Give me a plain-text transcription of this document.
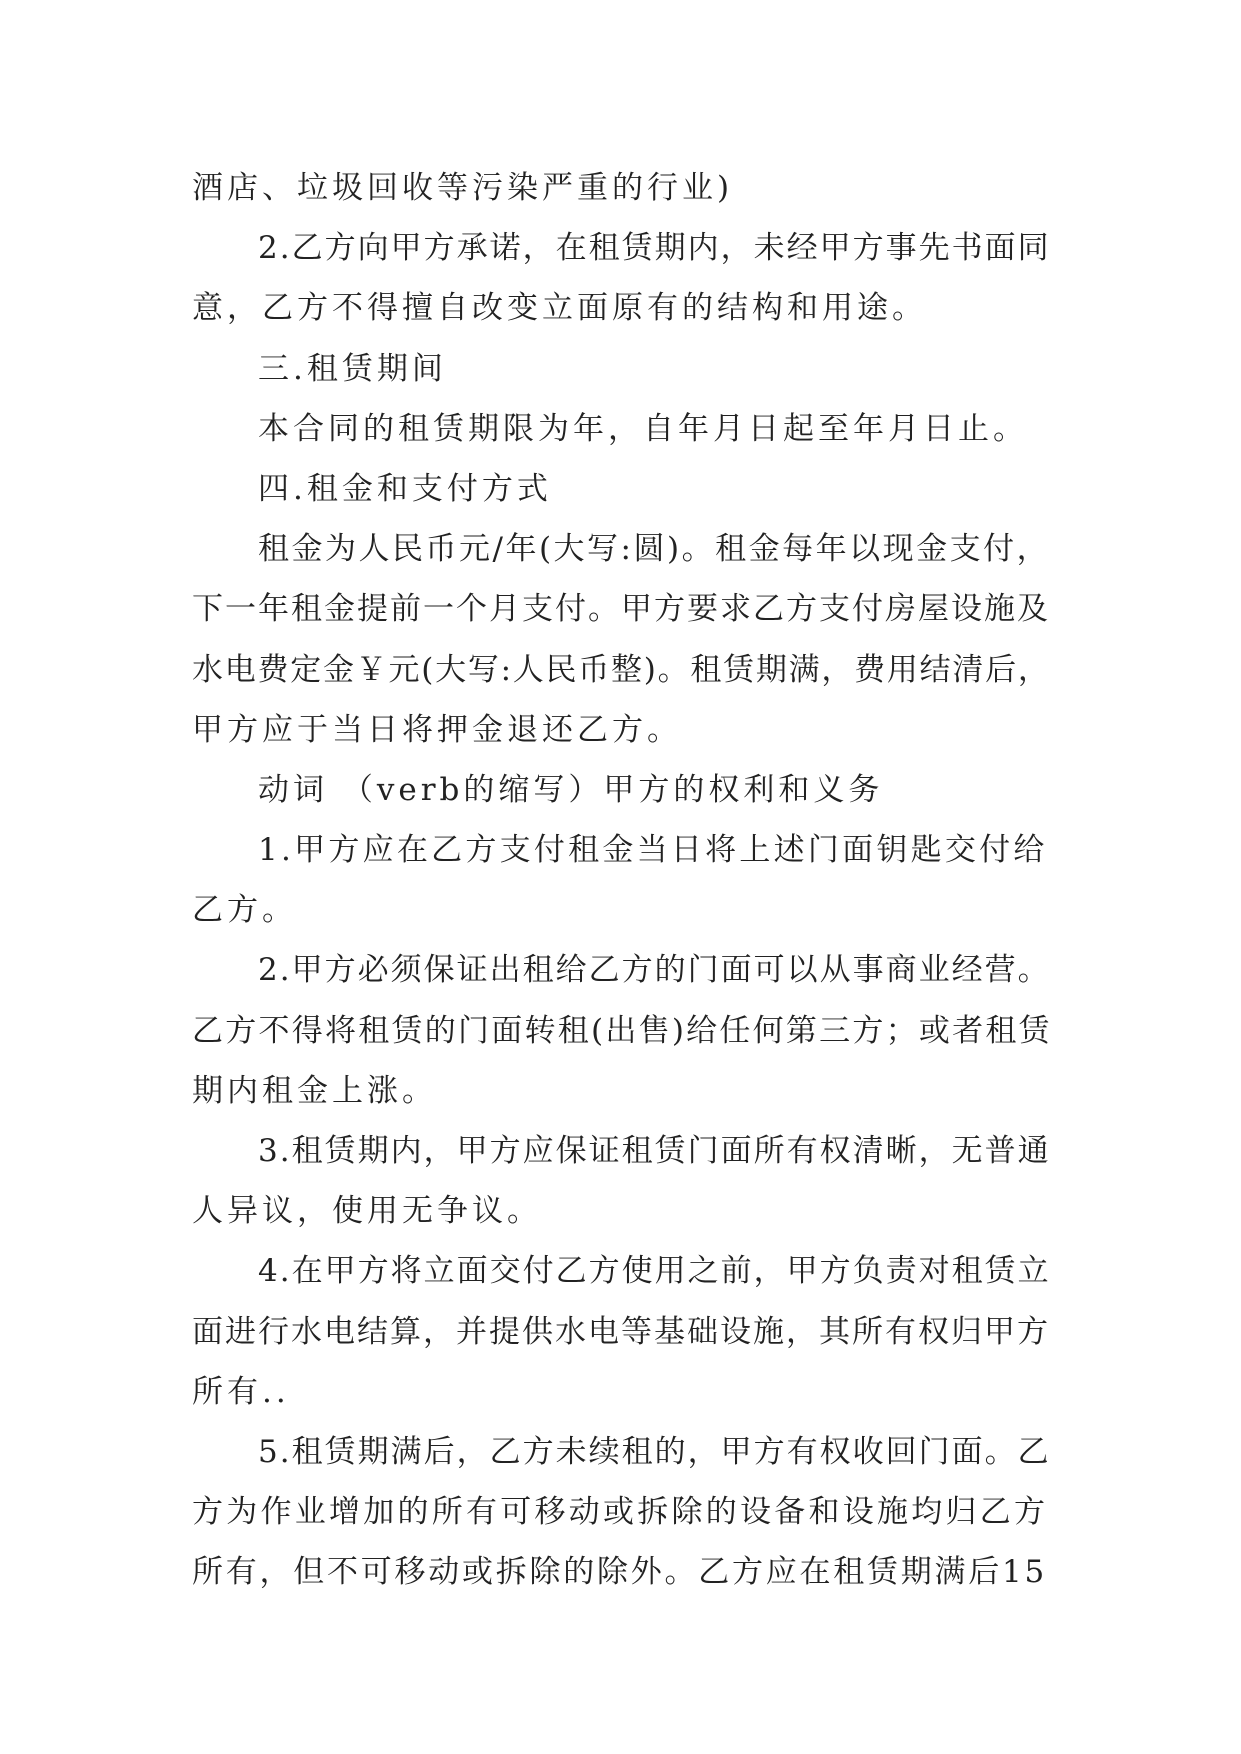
酒店、垃圾回收等污染严重的行业)
2.乙方向甲方承诺，在租赁期内，未经甲方事先书面同
意，乙方不得擅自改变立面原有的结构和用途。
三.租赁期间
本合同的租赁期限为年，自年月日起至年月日止。
四.租金和支付方式
租金为人民币元/年(大写:圆)。租金每年以现金支付，
下一年租金提前一个月支付。甲方要求乙方支付房屋设施及
水电费定金￥元(大写:人民币整)。租赁期满，费用结清后，
甲方应于当日将押金退还乙方。
动词 （verb的缩写）甲方的权利和义务
1.甲方应在乙方支付租金当日将上述门面钥匙交付给
乙方。
2.甲方必须保证出租给乙方的门面可以从事商业经营。
乙方不得将租赁的门面转租(出售)给任何第三方；或者租赁
期内租金上涨。
3.租赁期内，甲方应保证租赁门面所有权清晰，无普通
人异议，使用无争议。
4.在甲方将立面交付乙方使用之前，甲方负责对租赁立
面进行水电结算，并提供水电等基础设施，其所有权归甲方
所有..
5.租赁期满后，乙方未续租的，甲方有权收回门面。乙
方为作业增加的所有可移动或拆除的设备和设施均归乙方
所有，但不可移动或拆除的除外。乙方应在租赁期满后15
